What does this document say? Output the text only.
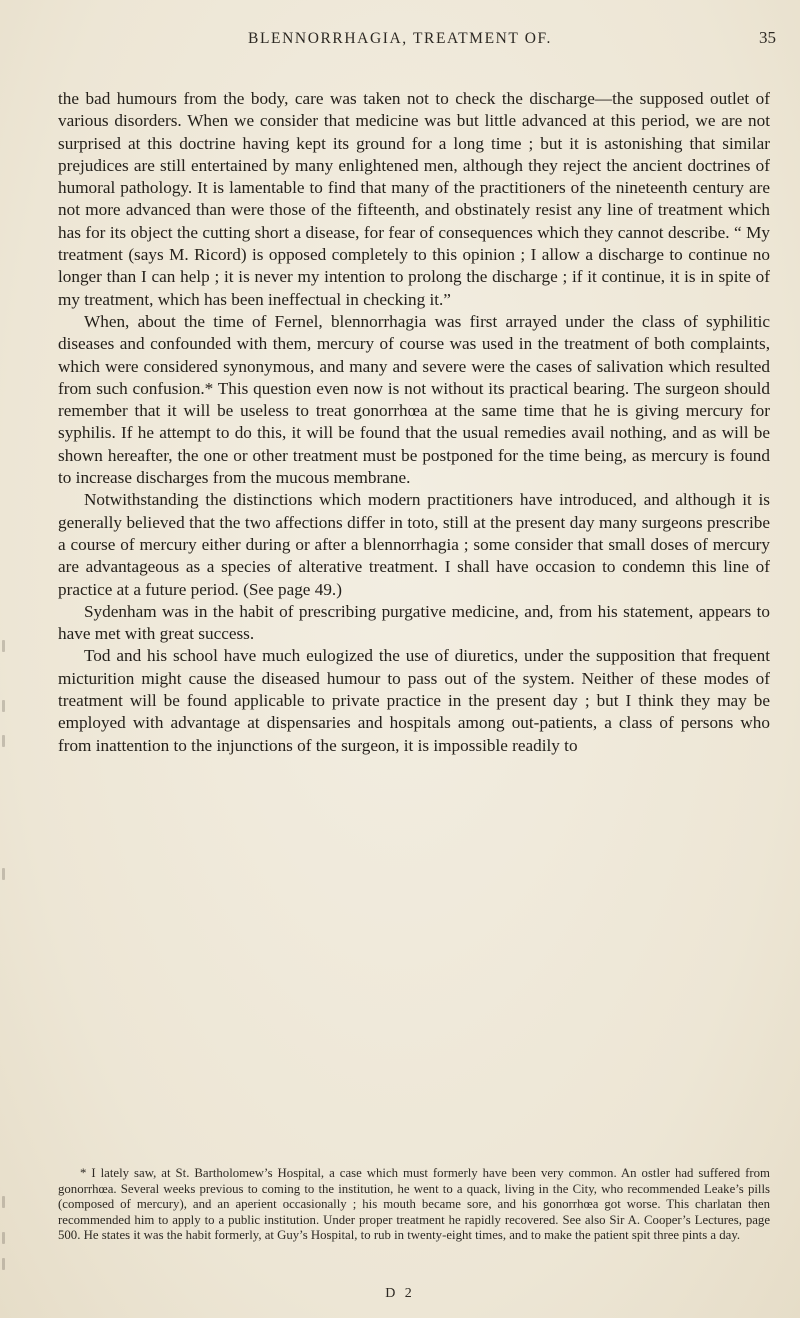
BLENNORRHAGIA, TREATMENT OF.	35

the bad humours from the body, care was taken not to check the discharge—the supposed outlet of various disorders. When we consider that medicine was but little advanced at this period, we are not surprised at this doctrine having kept its ground for a long time ; but it is astonishing that similar prejudices are still entertained by many enlightened men, although they reject the ancient doctrines of humoral pathology. It is lamentable to find that many of the practitioners of the nineteenth century are not more advanced than were those of the fifteenth, and obstinately resist any line of treatment which has for its object the cutting short a disease, for fear of consequences which they cannot describe. “ My treatment (says M. Ricord) is opposed completely to this opinion ; I allow a discharge to continue no longer than I can help ; it is never my intention to prolong the discharge ; if it continue, it is in spite of my treatment, which has been ineffectual in checking it.”

When, about the time of Fernel, blennorrhagia was first arrayed under the class of syphilitic diseases and confounded with them, mercury of course was used in the treatment of both complaints, which were considered synonymous, and many and severe were the cases of salivation which resulted from such confusion.* This question even now is not without its practical bearing. The surgeon should remember that it will be useless to treat gonorrhœa at the same time that he is giving mercury for syphilis. If he attempt to do this, it will be found that the usual remedies avail nothing, and as will be shown hereafter, the one or other treatment must be postponed for the time being, as mercury is found to increase discharges from the mucous membrane.

Notwithstanding the distinctions which modern practitioners have introduced, and although it is generally believed that the two affections differ in toto, still at the present day many surgeons prescribe a course of mercury either during or after a blennorrhagia ; some consider that small doses of mercury are advantageous as a species of alterative treatment. I shall have occasion to condemn this line of practice at a future period. (See page 49.)

Sydenham was in the habit of prescribing purgative medicine, and, from his statement, appears to have met with great success.

Tod and his school have much eulogized the use of diuretics, under the supposition that frequent micturition might cause the diseased humour to pass out of the system. Neither of these modes of treatment will be found applicable to private practice in the present day ; but I think they may be employed with advantage at dispensaries and hospitals among out-patients, a class of persons who from inattention to the injunctions of the surgeon, it is impossible readily to

* I lately saw, at St. Bartholomew’s Hospital, a case which must formerly have been very common. An ostler had suffered from gonorrhœa. Several weeks previous to coming to the institution, he went to a quack, living in the City, who recommended Leake’s pills (composed of mercury), and an aperient occasionally ; his mouth became sore, and his gonorrhœa got worse. This charlatan then recommended him to apply to a public institution. Under proper treatment he rapidly recovered. See also Sir A. Cooper’s Lectures, page 500. He states it was the habit formerly, at Guy’s Hospital, to rub in twenty-eight times, and to make the patient spit three pints a day.
D 2
